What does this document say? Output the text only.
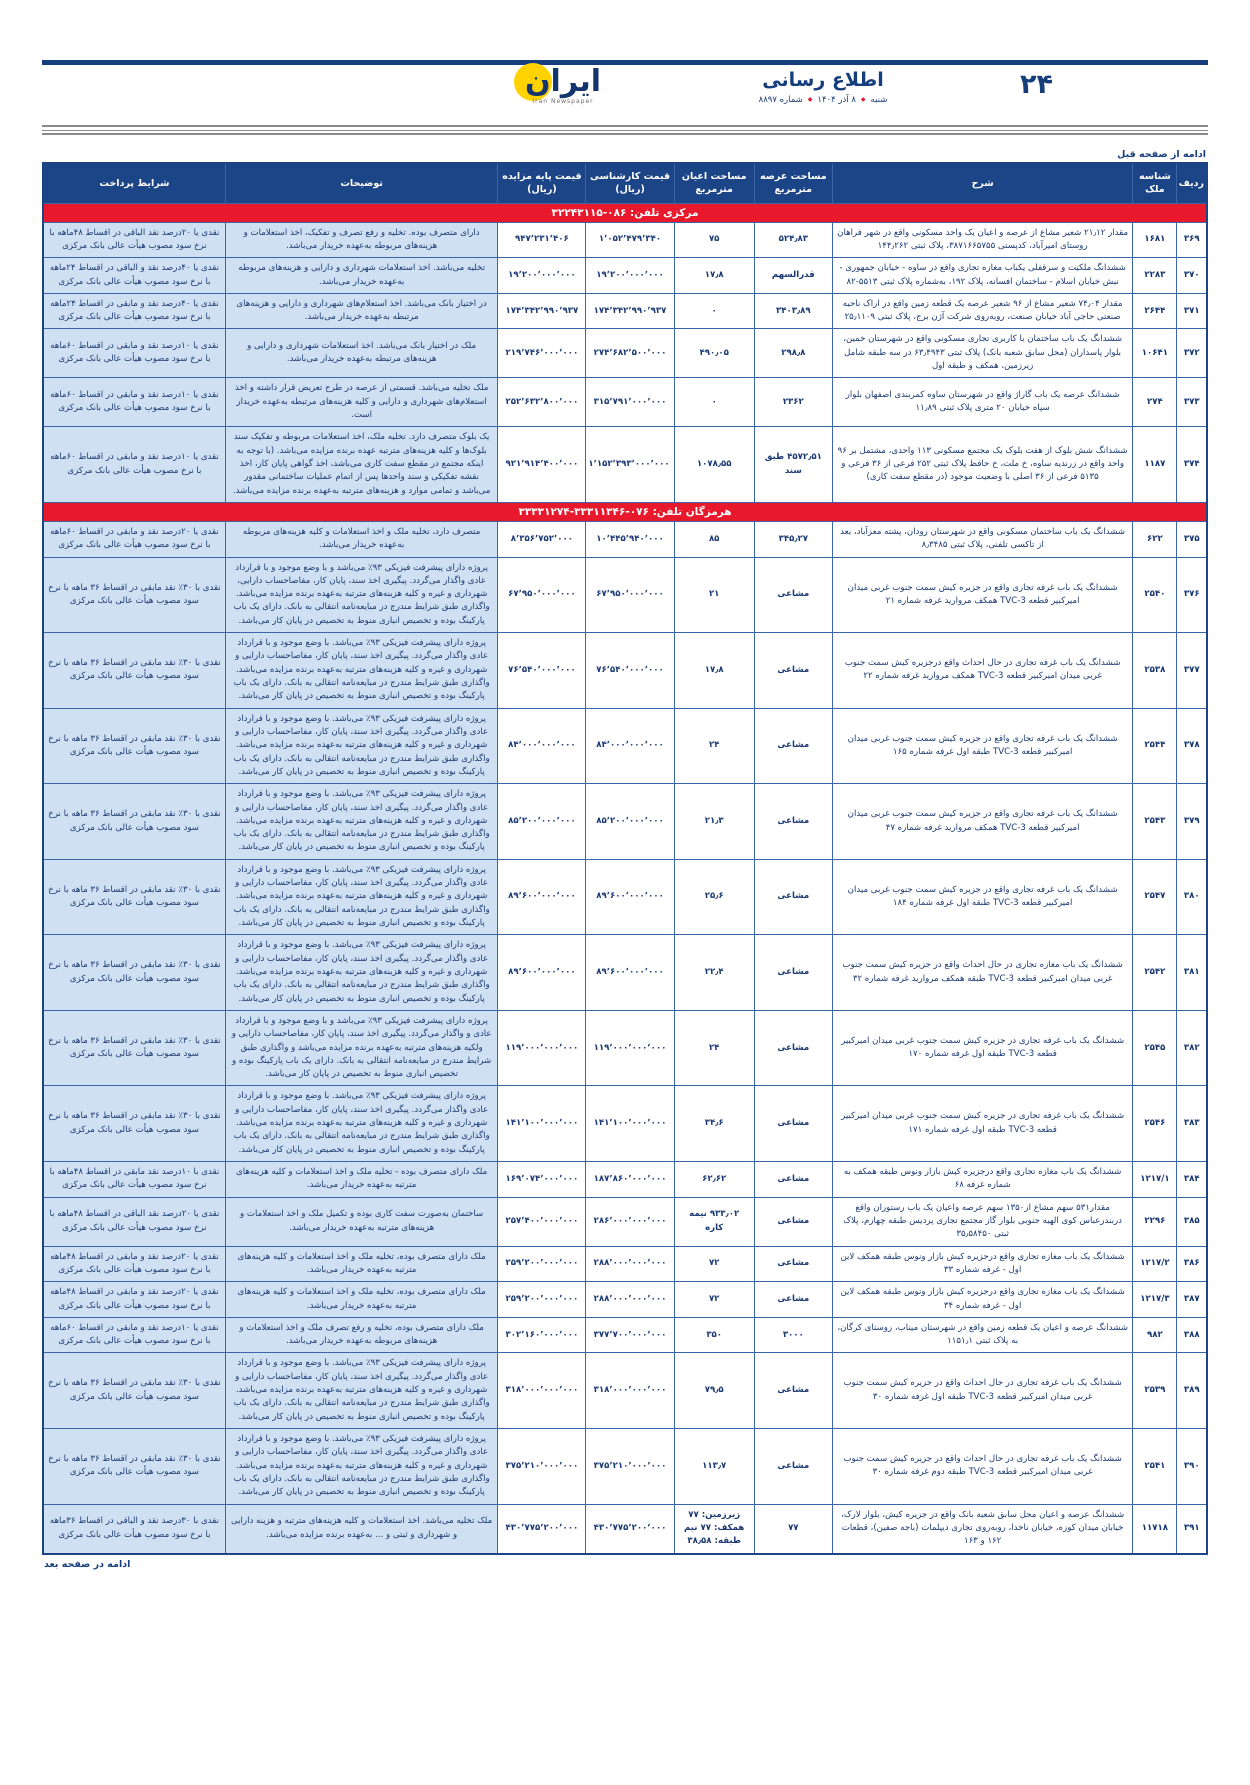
۲۴
اطلاع رسانی
شنبه◆۸ آذر ۱۴۰۴◆شماره ۸۸۹۷
ایران
Iran Newspaper
ادامه از صفحه قبل
ردیف	شناسه ملک	شرح	مساحت عرصه مترمربع	مساحت اعیان مترمربع	قیمت کارشناسی (ریال)	قیمت پایه مزایده (ریال)	توضیحات	شرایط پرداخت
مرکزی تلفن: ۰۸۶-۳۲۲۴۳۱۱۵								
۳۶۹	۱۶۸۱	مقدار ۲۱٫۱۲ شعیر مشاع از عرصه و اعیان یک واحد مسکونی واقع در شهر فراهان روستای امیرآباد، کدپستی ۳۸۷۱۶۶۵۷۵۵، پلاک ثبتی ۱۴۴٫۲۶۲	۵۲۴٫۸۳	۷۵	۱٬۰۵۲٬۴۷۹٬۳۴۰	۹۴۷٬۲۳۱٬۴۰۶	دارای متصرف بوده. تخلیه و رفع تصرف و تفکیک، اخذ استعلامات و هزینه‌های مربوطه به‌عهده خریدار می‌باشد.	نقدی یا ۲۰درصد نقد الباقی در اقساط ۴۸ماهه با نرخ سود مصوب هیأت عالی بانک مرکزی
۳۷۰	۲۲۸۳	ششدانگ ملکیت و سرقفلی یکباب مغازه تجاری واقع در ساوه - خیابان جمهوری - نبش خیابان اسلام - ساختمان افسانه، پلاک ۱۹۲، به‌شماره پلاک ثبتی ۵۵۱۳-۸۲	قدرالسهم	۱۷٫۸	۱۹٬۲۰۰٬۰۰۰٬۰۰۰	۱۹٬۲۰۰٬۰۰۰٬۰۰۰	تخلیه می‌باشد. اخذ استعلامات شهرداری و دارایی و هزینه‌های مربوطه به‌عهده خریدار می‌باشد.	نقدی یا ۴۰درصد نقد و الباقی در اقساط ۲۴ماهه با نرخ سود مصوب هیأت عالی بانک مرکزی
۳۷۱	۲۶۴۴	مقدار ۷۴٫۰۴ شعیر مشاع از ۹۶ شعیر عرصه یک قطعه زمین واقع در اراک ناحیه صنعتی حاجی آباد خیابان صنعت، روبه‌روی شرکت آژن برج، پلاک ثبتی ۲۵٫۱۱۰۹	۳۴۰۳٫۸۹	۰	۱۷۴٬۳۴۲٬۹۹۰٬۹۳۷	۱۷۴٬۳۴۲٬۹۹۰٬۹۳۷	در اختیار بانک می‌باشد. اخذ استعلام‌های شهرداری و دارایی و هزینه‌های مرتبطه به‌عهده خریدار می‌باشد.	نقدی یا ۴۰درصد نقد و مابقی در اقساط ۲۴ماهه با نرخ سود مصوب هیأت عالی بانک مرکزی
۳۷۲	۱۰۶۴۱	ششدانگ یک باب ساختمان با کاربری تجاری مسکونی واقع در شهرستان خمین، بلوار پاسداران (محل سابق شعبه بانک) پلاک ثبتی ۶۳٫۴۹۴۳ در سه طبقه شامل زیرزمین، همکف و طبقه اول	۲۹۸٫۸	۴۹۰٫۰۵	۲۷۴٬۶۸۲٬۵۰۰٬۰۰۰	۲۱۹٬۷۴۶٬۰۰۰٬۰۰۰	ملک در اختیار بانک می‌باشد. اخذ استعلامات شهرداری و دارایی و هزینه‌های مرتبطه به‌عهده خریدار می‌باشد.	نقدی یا ۱۰درصد نقد و مابقی در اقساط ۶۰ماهه با نرخ سود مصوب هیأت عالی بانک مرکزی
۳۷۳	۲۷۴	ششدانگ عرصه یک باب گاراژ واقع در شهرستان ساوه کمربندی اصفهان بلوار سپاه خیابان ۲۰ متری پلاک ثبتی ۱۱٫۸۹	۲۳۶۲	۰	۳۱۵٬۷۹۱٬۰۰۰٬۰۰۰	۲۵۲٬۶۳۲٬۸۰۰٬۰۰۰	ملک تخلیه می‌باشد. قسمتی از عرصه در طرح تعریض قرار داشته و اخذ استعلام‌های شهرداری و دارایی و کلیه هزینه‌های مرتبطه به‌عهده خریدار است.	نقدی یا ۱۰درصد نقد و مابقی در اقساط ۶۰ماهه با نرخ سود مصوب هیأت عالی بانک مرکزی
۳۷۴	۱۱۸۷	ششدانگ شش بلوک از هفت بلوک یک مجتمع مسکونی ۱۱۳ واحدی، مشتمل بر ۹۶ واحد واقع در زرندیه ساوه، خ ملت، خ حافظ پلاک ثبتی ۲۵۲ فرعی از ۳۶ فرعی و ۵۱۳۵ فرعی از ۳۶ اصلی با وضعیت موجود (در مقطع سفت کاری)	۴۵۷۲٫۵۱ طبق سند	۱۰۷۸٫۵۵	۱٬۱۵۲٬۳۹۳٬۰۰۰٬۰۰۰	۹۲۱٬۹۱۴٬۴۰۰٬۰۰۰	یک بلوک متصرف دارد. تخلیه ملک، اخذ استعلامات مربوطه و تفکیک سند بلوک‌ها و کلیه هزینه‌های مترتبه عهده برنده مزایده می‌باشد. (با توجه به اینکه مجتمع در مقطع سفت کاری می‌باشد، اخذ گواهی پایان کار، اخذ نقشه تفکیکی و سند واحدها پس از اتمام عملیات ساختمانی مقدور می‌باشد و تمامی موارد و هزینه‌های مترتبه به‌عهده برنده مزایده می‌باشد.	نقدی یا ۱۰درصد نقد و مابقی در اقساط ۶۰ماهه با نرخ مصوب هیأت عالی بانک مرکزی
هرمزگان تلفن: ۰۷۶-۳۳۳۱۱۳۴۶-۳۳۳۳۱۲۷۴								
۳۷۵	۶۲۲	ششدانگ یک باب ساختمان مسکونی واقع در شهرستان رودان، پشته معزآباد، بعد از تاکسی تلفنی، پلاک ثبتی ۸٫۳۴۸۵	۳۴۵٫۲۷	۸۵	۱۰٬۴۴۵٬۹۴۰٬۰۰۰	۸٬۳۵۶٬۷۵۲٬۰۰۰	متصرف دارد، تخلیه ملک و اخذ استعلامات و کلیه هزینه‌های مربوطه به‌عهده خریدار می‌باشد.	نقدی یا ۲۰درصد نقد و مابقی در اقساط ۶۰ماهه با نرخ سود مصوب هیأت عالی بانک مرکزی
۳۷۶	۲۵۴۰	ششدانگ یک باب غرفه تجاری واقع در جزیره کیش سمت جنوب غربی میدان امیرکبیر قطعه TVC-3 همکف مروارید غرفه شماره ۲۱	مشاعی	۲۱	۶۷٬۹۵۰٬۰۰۰٬۰۰۰	۶۷٬۹۵۰٬۰۰۰٬۰۰۰	پروژه دارای پیشرفت فیزیکی ۹۳٪ می‌باشد و با وضع موجود و با قرارداد عادی واگذار می‌گردد. پیگیری اخذ سند، پایان کار، مفاصاحساب دارایی، شهرداری و غیره و کلیه هزینه‌های مترتبه به‌عهده برنده مزایده می‌باشد. واگذاری طبق شرایط مندرج در مبایعه‌نامه انتقالی به بانک. دارای یک باب پارکینگ بوده و تخصیص انباری منوط به تخصیص در پایان کار می‌باشد.	نقدی با ۳۰٪ نقد مابقی در اقساط ۳۶ ماهه با نرخ سود مصوب هیأت عالی بانک مرکزی
۳۷۷	۲۵۳۸	ششدانگ یک باب غرفه تجاری در حال احداث واقع درجزیره کیش سمت جنوب غربی میدان امیرکبیر قطعه TVC-3 همکف مروارید غرفه شماره ۲۲	مشاعی	۱۷٫۸	۷۶٬۵۴۰٬۰۰۰٬۰۰۰	۷۶٬۵۴۰٬۰۰۰٬۰۰۰	پروژه دارای پیشرفت فیزیکی ۹۳٪ می‌باشد. با وضع موجود و با قرارداد عادی واگذار می‌گردد. پیگیری اخذ سند، پایان کار، مفاصاحساب دارایی و شهرداری و غیره و کلیه هزینه‌های مترتبه به‌عهده برنده مزایده می‌باشد. واگذاری طبق شرایط مندرج در مبایعه‌نامه انتقالی به بانک. دارای یک باب پارکینگ بوده و تخصیص انباری منوط به تخصیص در پایان کار می‌باشد.	نقدی با ۳۰٪ نقد مابقی در اقساط ۳۶ ماهه با نرخ سود مصوب هیأت عالی بانک مرکزی
۳۷۸	۲۵۴۴	ششدانگ یک باب غرفه تجاری واقع در جزیره کیش سمت جنوب غربی میدان امیرکبیر قطعه TVC-3 طبقه اول غرفه شماره ۱۶۵	مشاعی	۲۴	۸۴٬۰۰۰٬۰۰۰٬۰۰۰	۸۴٬۰۰۰٬۰۰۰٬۰۰۰	پروژه دارای پیشرفت فیزیکی ۹۳٪ می‌باشد. با وضع موجود و با قرارداد عادی واگذار می‌گردد. پیگیری اخذ سند، پایان کار، مفاصاحساب دارایی و شهرداری و غیره و کلیه هزینه‌های مترتبه به‌عهده برنده مزایده می‌باشد. واگذاری طبق شرایط مندرج در مبایعه‌نامه انتقالی به بانک. دارای یک باب پارکینگ بوده و تخصیص انباری منوط به تخصیص در پایان کار می‌باشد.	نقدی با ۳۰٪ نقد مابقی در اقساط ۳۶ ماهه با نرخ سود مصوب هیأت عالی بانک مرکزی
۳۷۹	۲۵۴۳	ششدانگ یک باب غرفه تجاری واقع در جزیره کیش سمت جنوب غربی میدان امیرکبیر قطعه TVC-3 همکف مروارید غرفه شماره ۴۷	مشاعی	۲۱٫۳	۸۵٬۲۰۰٬۰۰۰٬۰۰۰	۸۵٬۲۰۰٬۰۰۰٬۰۰۰	پروژه دارای پیشرفت فیزیکی ۹۳٪ می‌باشد. با وضع موجود و با قرارداد عادی واگذار می‌گردد. پیگیری اخذ سند، پایان کار، مفاصاحساب دارایی و شهرداری و غیره و کلیه هزینه‌های مترتبه به‌عهده برنده مزایده می‌باشد. واگذاری طبق شرایط مندرج در مبایعه‌نامه انتقالی به بانک. دارای یک باب پارکینگ بوده و تخصیص انباری منوط به تخصیص در پایان کار می‌باشد.	نقدی با ۳۰٪ نقد مابقی در اقساط ۳۶ ماهه با نرخ سود مصوب هیأت عالی بانک مرکزی
۳۸۰	۲۵۴۷	ششدانگ یک باب غرفه تجاری واقع در جزیره کیش سمت جنوب غربی میدان امیرکبیر قطعه TVC-3 طبقه اول غرفه شماره ۱۸۴	مشاعی	۲۵٫۶	۸۹٬۶۰۰٬۰۰۰٬۰۰۰	۸۹٬۶۰۰٬۰۰۰٬۰۰۰	پروژه دارای پیشرفت فیزیکی ۹۳٪ می‌باشد. با وضع موجود و با قرارداد عادی واگذار می‌گردد. پیگیری اخذ سند، پایان کار، مفاصاحساب دارایی و شهرداری و غیره و کلیه هزینه‌های مترتبه به‌عهده برنده مزایده می‌باشد. واگذاری طبق شرایط مندرج در مبایعه‌نامه انتقالی به بانک. دارای یک باب پارکینگ بوده و تخصیص انباری منوط به تخصیص در پایان کار می‌باشد.	نقدی با ۳۰٪ نقد مابقی در اقساط ۳۶ ماهه با نرخ سود مصوب هیأت عالی بانک مرکزی
۳۸۱	۲۵۴۲	ششدانگ یک باب مغازه تجاری در حال احداث واقع در جزیره کیش سمت جنوب غربی میدان امیرکبیر قطعه TVC-3 طبقه همکف مروارید غرفه شماره ۳۲	مشاعی	۲۲٫۴	۸۹٬۶۰۰٬۰۰۰٬۰۰۰	۸۹٬۶۰۰٬۰۰۰٬۰۰۰	پروژه دارای پیشرفت فیزیکی ۹۳٪ می‌باشد. با وضع موجود و با قرارداد عادی واگذار می‌گردد. پیگیری اخذ سند، پایان کار، مفاصاحساب دارایی و شهرداری و غیره و کلیه هزینه‌های مترتبه به‌عهده برنده مزایده می‌باشد. واگذاری طبق شرایط مندرج در مبایعه‌نامه انتقالی به بانک. دارای یک باب پارکینگ بوده و تخصیص انباری منوط به تخصیص در پایان کار می‌باشد.	نقدی با ۳۰٪ نقد مابقی در اقساط ۳۶ ماهه با نرخ سود مصوب هیأت عالی بانک مرکزی
۳۸۲	۲۵۴۵	ششدانگ یک باب غرفه تجاری در جزیره کیش سمت جنوب غربی میدان امیرکبیر قطعه TVC-3 طبقه اول غرفه شماره ۱۷۰	مشاعی	۲۴	۱۱۹٬۰۰۰٬۰۰۰٬۰۰۰	۱۱۹٬۰۰۰٬۰۰۰٬۰۰۰	پروژه دارای پیشرفت فیزیکی ۹۳٪ می‌باشد و با وضع موجود و با قرارداد عادی و واگذار می‌گردد. پیگیری اخذ سند، پایان کار، مفاصاحساب دارایی و ولکیه هزینه‌های مترتبه به‌عهده برنده مزایده می‌باشد و واگذاری طبق شرایط مندرج در مبایعه‌نامه انتقالی به بانک. دارای یک باب پارکینگ بوده و تخصیص انباری منوط به تخصیص در پایان کار می‌باشد.	نقدی با ۳۰٪ نقد مابقی در اقساط ۳۶ ماهه با نرخ سود مصوب هیأت عالی بانک مرکزی
۳۸۳	۲۵۴۶	ششدانگ یک باب غرفه تجاری در جزیره کیش سمت جنوب غربی میدان امیرکبیر قطعه TVC-3 طبقه اول غرفه شماره ۱۷۱	مشاعی	۳۴٫۶	۱۴۱٬۱۰۰٬۰۰۰٬۰۰۰	۱۴۱٬۱۰۰٬۰۰۰٬۰۰۰	پروژه دارای پیشرفت فیزیکی ۹۳٪ می‌باشد. با وضع موجود و با قرارداد عادی واگذار می‌گردد. پیگیری اخذ سند، پایان کار، مفاصاحساب دارایی و شهرداری و غیره و کلیه هزینه‌های مترتبه به‌عهده برنده مزایده می‌باشد. واگذاری طبق شرایط مندرج در مبایعه‌نامه انتقالی به بانک. دارای یک باب پارکینگ بوده و تخصیص انباری منوط به تخصیص در پایان کار می‌باشد.	نقدی با ۳۰٪ نقد مابقی در اقساط ۳۶ ماهه با نرخ سود مصوب هیأت عالی بانک مرکزی
۳۸۴	۱۲۱۷/۱	ششدانگ یک باب مغازه تجاری واقع درجزیره کیش بازار ونوس طبقه همکف به شماره غرفه ۶۸	مشاعی	۶۲٫۶۲	۱۸۷٬۸۶۰٬۰۰۰٬۰۰۰	۱۶۹٬۰۷۴٬۰۰۰٬۰۰۰	ملک دارای متصرف بوده - تخلیه ملک و اخذ استعلامات و کلیه هزینه‌های مترتبه به‌عهده خریدار می‌باشد.	نقدی با ۱۰درصد نقد مابقی در اقساط ۴۸ماهه با نرخ سود مصوب هیأت عالی بانک مرکزی
۳۸۵	۲۲۹۶	مقدار۵۳۱ سهم مشاع از۱۳۵۰ سهم عرصه واعیان یک باب رستوران واقع دربندرعباس کوی الهیه جنوبی بلوار گاز مجتمع تجاری پردیس طبقه چهارم، پلاک ثبتی ۳۵٫۵۸۴۵۰	مشاعی	۹۳۳٫۰۲ نیمه کاره	۲۸۶٬۰۰۰٬۰۰۰٬۰۰۰	۲۵۷٬۴۰۰٬۰۰۰٬۰۰۰	ساختمان به‌صورت سفت کاری بوده و تکمیل ملک و اخذ استعلامات و هزینه‌های مترتبه به‌عهده خریدار می‌باشد.	نقدی یا ۲۰درصد نقد الباقی در اقساط ۴۸ماهه با نرخ سود مصوب هیأت عالی بانک مرکزی
۳۸۶	۱۲۱۷/۲	ششدانگ یک باب مغازه تجاری واقع درجزیره کیش بازار ونوس طبقه همکف لاین اول - غرفه شماره ۳۳	مشاعی	۷۲	۲۸۸٬۰۰۰٬۰۰۰٬۰۰۰	۲۵۹٬۲۰۰٬۰۰۰٬۰۰۰	ملک دارای متصرف بوده، تخلیه ملک و اخذ استعلامات و کلیه هزینه‌های مترتبه به‌عهده خریدار می‌باشد.	نقدی یا ۲۰درصد نقد و مابقی در اقساط ۴۸ماهه با نرخ سود مصوب هیأت عالی بانک مرکزی
۳۸۷	۱۲۱۷/۳	ششدانگ یک باب مغازه تجاری واقع درجزیره کیش بازار ونوس طبقه همکف لاین اول - غرفه شماره ۳۴	مشاعی	۷۲	۲۸۸٬۰۰۰٬۰۰۰٬۰۰۰	۲۵۹٬۲۰۰٬۰۰۰٬۰۰۰	ملک دارای متصرف بوده، تخلیه ملک و اخذ استعلامات و کلیه هزینه‌های مترتبه به‌عهده خریدار می‌باشد.	نقدی یا ۲۰درصد نقد و مابقی در اقساط ۴۸ماهه با نرخ سود مصوب هیأت عالی بانک مرکزی
۳۸۸	۹۸۲	ششدانگ عرصه و اعیان یک قطعه زمین واقع در شهرستان میناب، روستای کرگان، به پلاک ثبتی ۱۱۵۱٫۱	۳۰۰۰	۳۵۰	۳۷۷٬۷۰۰٬۰۰۰٬۰۰۰	۳۰۲٬۱۶۰٬۰۰۰٬۰۰۰	ملک دارای متصرف بوده، تخلیه و رفع تصرف ملک و اخذ استعلامات و هزینه‌های مربوطه به‌عهده خریدار می‌باشد.	نقدی یا ۱۰درصد نقد و مابقی در اقساط ۶۰ماهه با نرخ سود مصوب هیأت عالی بانک مرکزی
۳۸۹	۲۵۳۹	ششدانگ یک باب غرفه تجاری در حال احداث واقع در جزیره کیش سمت جنوب غربی میدان امیرکبیر قطعه TVC-3 طبقه اول غرفه شماره ۳۰	مشاعی	۷۹٫۵	۳۱۸٬۰۰۰٬۰۰۰٬۰۰۰	۳۱۸٬۰۰۰٬۰۰۰٬۰۰۰	پروژه دارای پیشرفت فیزیکی ۹۳٪ می‌باشد. با وضع موجود و با قرارداد عادی واگذار می‌گردد. پیگیری اخذ سند، پایان کار، مفاصاحساب دارایی و شهرداری و غیره و کلیه هزینه‌های مترتبه به‌عهده برنده مزایده می‌باشد. واگذاری طبق شرایط مندرج در مبایعه‌نامه انتقالی به بانک. دارای یک باب پارکینگ بوده و تخصیص انباری منوط به تخصیص در پایان کار می‌باشد.	نقدی با ۳۰٪ نقد مابقی در اقساط ۳۶ ماهه با نرخ سود مصوب هیأت عالی بانک مرکزی
۳۹۰	۲۵۴۱	ششدانگ یک باب غرفه تجاری در حال احداث واقع در جزیره کیش سمت جنوب غربی میدان امیرکبیر قطعه TVC-3 طبقه دوم غرفه شماره ۳۰	مشاعی	۱۱۳٫۷	۳۷۵٬۲۱۰٬۰۰۰٬۰۰۰	۳۷۵٬۲۱۰٬۰۰۰٬۰۰۰	پروژه دارای پیشرفت فیزیکی ۹۳٪ می‌باشد. با وضع موجود و با قرارداد عادی واگذار می‌گردد. پیگیری اخذ سند، پایان کار، مفاصاحساب دارایی و شهرداری و غیره و کلیه هزینه‌های مترتبه به‌عهده برنده مزایده می‌باشد. واگذاری طبق شرایط مندرج در مبایعه‌نامه انتقالی به بانک. دارای یک باب پارکینگ بوده و تخصیص انباری منوط به تخصیص در پایان کار می‌باشد.	نقدی با ۳۰٪ نقد مابقی در اقساط ۳۶ ماهه با نرخ سود مصوب هیأت عالی بانک مرکزی
۳۹۱	۱۱۷۱۸	ششدانگ عرصه و اعیان محل سابق شعبه بانک واقع در جزیره کیش، بلوار لارک، خیابان میدان کوزه، خیابان ناخدا، روبه‌روی تجاری دیپلمات (باجه صفین)، قطعات ۱۶۲ و ۱۶۳	۷۷	زیرزمین: ۷۷ همکف: ۷۷ نیم طبقه: ۳۸٫۵۸	۴۳۰٬۷۷۵٬۲۰۰٬۰۰۰	۴۳۰٬۷۷۵٬۲۰۰٬۰۰۰	ملک تخلیه می‌باشد. اخذ استعلامات و کلیه هزینه‌های مترتبه و هزینه دارایی و شهرداری و ثبتی و ... به‌عهده برنده مزایده می‌باشد.	نقدی با ۳۰درصد نقد و الباقی در اقساط ۳۶ماهه با نرخ سود مصوب هیأت عالی بانک مرکزی
ادامه در صفحه بعد
